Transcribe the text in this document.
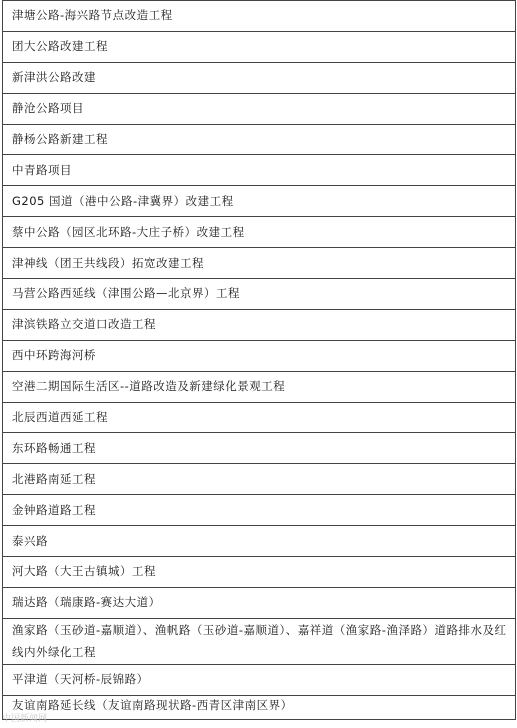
津塘公路-海兴路节点改造工程
团大公路改建工程
新津洪公路改建
静沧公路项目
静杨公路新建工程
中青路项目
G205 国道（港中公路-津冀界）改建工程
蔡中公路（园区北环路-大庄子桥）改建工程
津神线（团王共线段）拓宽改建工程
马营公路西延线（津围公路—北京界）工程
津滨铁路立交道口改造工程
西中环跨海河桥
空港二期国际生活区--道路改造及新建绿化景观工程
北辰西道西延工程
东环路畅通工程
北港路南延工程
金钟路道路工程
泰兴路
河大路（大王古镇城）工程
瑞达路（瑞康路-赛达大道）
渔家路（玉砂道-嘉顺道）、渔帆路（玉砂道-嘉顺道）、嘉祥道（渔家路-渔泽路）道路排水及红线内外绿化工程
平津道（天河桥-辰锦路）
友谊南路延长线（友谊南路现状路-西青区津南区界）
中国新闻网
